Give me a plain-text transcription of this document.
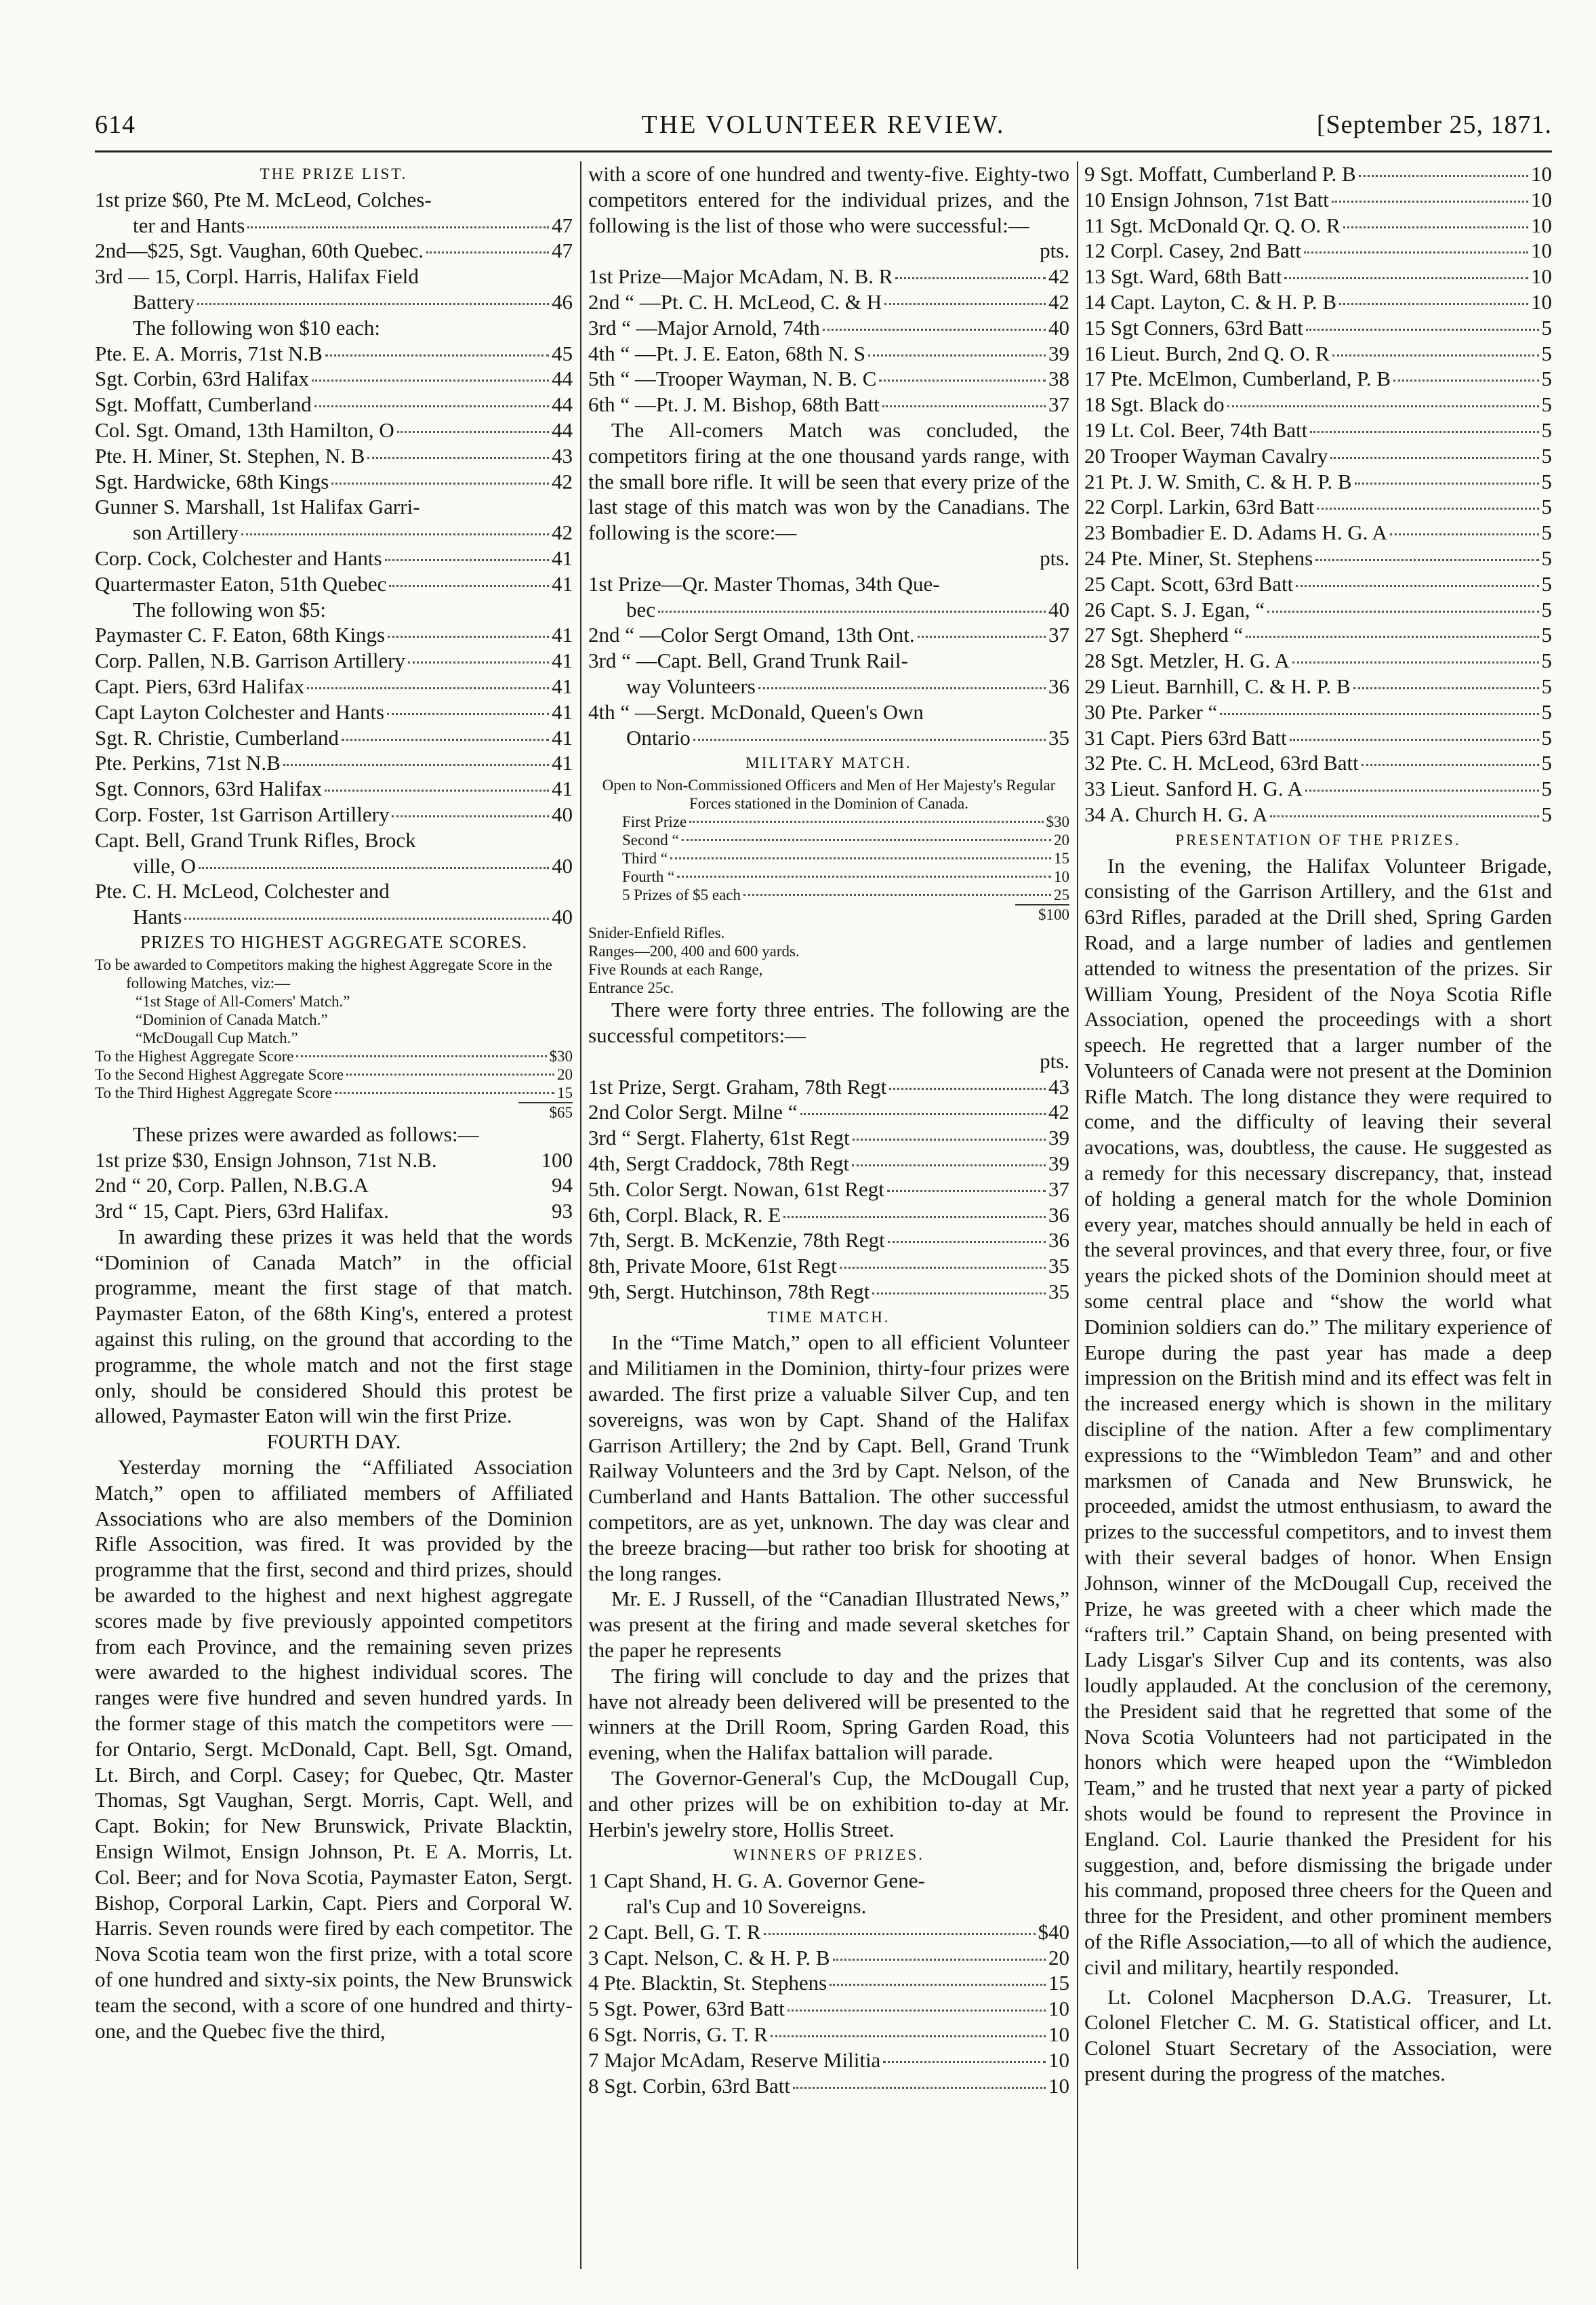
614	THE VOLUNTEER REVIEW.	[September 25, 1871.
THE PRIZE LIST.
1st prize $60, Pte M. McLeod, Colches-
ter and Hants	47
2nd—$25, Sgt. Vaughan, 60th Quebec.	47
3rd — 15, Corpl. Harris, Halifax Field
Battery	46
The following won $10 each:
Pte. E. A. Morris, 71st N.B	45
Sgt. Corbin, 63rd Halifax	44
Sgt. Moffatt, Cumberland	44
Col. Sgt. Omand, 13th Hamilton, O	44
Pte. H. Miner, St. Stephen, N. B	43
Sgt. Hardwicke, 68th Kings	42
Gunner S. Marshall, 1st Halifax Garri-
son Artillery	42
Corp. Cock, Colchester and Hants	41
Quartermaster Eaton, 51th Quebec	41
The following won $5:
Paymaster C. F. Eaton, 68th Kings	41
Corp. Pallen, N.B. Garrison Artillery	41
Capt. Piers, 63rd Halifax	41
Capt Layton Colchester and Hants	41
Sgt. R. Christie, Cumberland	41
Pte. Perkins, 71st N.B	41
Sgt. Connors, 63rd Halifax	41
Corp. Foster, 1st Garrison Artillery	40
Capt. Bell, Grand Trunk Rifles, Brock
ville, O	40
Pte. C. H. McLeod, Colchester and
Hants	40
PRIZES TO HIGHEST AGGREGATE SCORES.
To be awarded to Competitors making the highest Aggregate Score in the following Matches, viz:—
“1st Stage of All-Comers' Match.”
“Dominion of Canada Match.”
“McDougall Cup Match.”
To the Highest Aggregate Score	$30
To the Second Highest Aggregate Score	20
To the Third Highest Aggregate Score	15
$65
These prizes were awarded as follows:—
1st prize $30, Ensign Johnson, 71st N.B.	100
2nd “ 20, Corp. Pallen, N.B.G.A	94
3rd “ 15, Capt. Piers, 63rd Halifax.	93

In awarding these prizes it was held that the words “Dominion of Canada Match” in the official programme, meant the first stage of that match. Paymaster Eaton, of the 68th King's, entered a protest against this ruling, on the ground that according to the programme, the whole match and not the first stage only, should be considered Should this protest be allowed, Paymaster Eaton will win the first Prize.

FOURTH DAY.

Yesterday morning the “Affiliated Association Match,” open to affiliated members of Affiliated Associations who are also members of the Dominion Rifle Assocition, was fired. It was provided by the programme that the first, second and third prizes, should be awarded to the highest and next highest aggregate scores made by five previously appointed competitors from each Province, and the remaining seven prizes were awarded to the highest individual scores. The ranges were five hundred and seven hundred yards. In the former stage of this match the competitors were —for Ontario, Sergt. McDonald, Capt. Bell, Sgt. Omand, Lt. Birch, and Corpl. Casey; for Quebec, Qtr. Master Thomas, Sgt Vaughan, Sergt. Morris, Capt. Well, and Capt. Bokin; for New Brunswick, Private Blacktin, Ensign Wilmot, Ensign Johnson, Pt. E A. Morris, Lt. Col. Beer; and for Nova Scotia, Paymaster Eaton, Sergt. Bishop, Corporal Larkin, Capt. Piers and Corporal W. Harris. Seven rounds were fired by each competitor. The Nova Scotia team won the first prize, with a total score of one hundred and sixty-six points, the New Brunswick team the second, with a score of one hundred and thirty-one, and the Quebec five the third,

with a score of one hundred and twenty-five. Eighty-two competitors entered for the individual prizes, and the following is the list of those who were successful:—

pts.
1st Prize—Major McAdam, N. B. R	42
2nd “ —Pt. C. H. McLeod, C. & H	42
3rd “ —Major Arnold, 74th	40
4th “ —Pt. J. E. Eaton, 68th N. S	39
5th “ —Trooper Wayman, N. B. C	38
6th “ —Pt. J. M. Bishop, 68th Batt	37

The All-comers Match was concluded, the competitors firing at the one thousand yards range, with the small bore rifle. It will be seen that every prize of the last stage of this match was won by the Canadians. The following is the score:—

pts.
1st Prize—Qr. Master Thomas, 34th Que-
bec	40
2nd “ —Color Sergt Omand, 13th Ont.	37
3rd “ —Capt. Bell, Grand Trunk Rail-
way Volunteers	36
4th “ —Sergt. McDonald, Queen's Own
Ontario	35
MILITARY MATCH.
Open to Non-Commissioned Officers and Men of Her Majesty's Regular Forces stationed in the Dominion of Canada.
First Prize	$30
Second “	20
Third “	15
Fourth “	10
5 Prizes of $5 each	25
$100
Snider-Enfield Rifles.
Ranges—200, 400 and 600 yards.
Five Rounds at each Range,
Entrance 25c.

There were forty three entries. The following are the successful competitors:—

pts.
1st Prize, Sergt. Graham, 78th Regt	43
2nd Color Sergt. Milne “	42
3rd “ Sergt. Flaherty, 61st Regt	39
4th, Sergt Craddock, 78th Regt	39
5th. Color Sergt. Nowan, 61st Regt	37
6th, Corpl. Black, R. E	36
7th, Sergt. B. McKenzie, 78th Regt	36
8th, Private Moore, 61st Regt	35
9th, Sergt. Hutchinson, 78th Regt	35
TIME MATCH.

In the “Time Match,” open to all efficient Volunteer and Militiamen in the Dominion, thirty-four prizes were awarded. The first prize a valuable Silver Cup, and ten sovereigns, was won by Capt. Shand of the Halifax Garrison Artillery; the 2nd by Capt. Bell, Grand Trunk Railway Volunteers and the 3rd by Capt. Nelson, of the Cumberland and Hants Battalion. The other successful competitors, are as yet, unknown. The day was clear and the breeze bracing—but rather too brisk for shooting at the long ranges.

Mr. E. J Russell, of the “Canadian Illustrated News,” was present at the firing and made several sketches for the paper he represents

The firing will conclude to day and the prizes that have not already been delivered will be presented to the winners at the Drill Room, Spring Garden Road, this evening, when the Halifax battalion will parade.

The Governor-General's Cup, the McDougall Cup, and other prizes will be on exhibition to-day at Mr. Herbin's jewelry store, Hollis Street.

WINNERS OF PRIZES.
1 Capt Shand, H. G. A. Governor Gene-
ral's Cup and 10 Sovereigns.
2 Capt. Bell, G. T. R	$40
3 Capt. Nelson, C. & H. P. B	20
4 Pte. Blacktin, St. Stephens	15
5 Sgt. Power, 63rd Batt	10
6 Sgt. Norris, G. T. R	10
7 Major McAdam, Reserve Militia	10
8 Sgt. Corbin, 63rd Batt	10
9 Sgt. Moffatt, Cumberland P. B	10
10 Ensign Johnson, 71st Batt	10
11 Sgt. McDonald Qr. Q. O. R	10
12 Corpl. Casey, 2nd Batt	10
13 Sgt. Ward, 68th Batt	10
14 Capt. Layton, C. & H. P. B	10
15 Sgt Conners, 63rd Batt	5
16 Lieut. Burch, 2nd Q. O. R	5
17 Pte. McElmon, Cumberland, P. B	5
18 Sgt. Black do	5
19 Lt. Col. Beer, 74th Batt	5
20 Trooper Wayman Cavalry	5
21 Pt. J. W. Smith, C. & H. P. B	5
22 Corpl. Larkin, 63rd Batt	5
23 Bombadier E. D. Adams H. G. A	5
24 Pte. Miner, St. Stephens	5
25 Capt. Scott, 63rd Batt	5
26 Capt. S. J. Egan, “	5
27 Sgt. Shepherd “	5
28 Sgt. Metzler, H. G. A	5
29 Lieut. Barnhill, C. & H. P. B	5
30 Pte. Parker “	5
31 Capt. Piers 63rd Batt	5
32 Pte. C. H. McLeod, 63rd Batt	5
33 Lieut. Sanford H. G. A	5
34 A. Church H. G. A	5
PRESENTATION OF THE PRIZES.

In the evening, the Halifax Volunteer Brigade, consisting of the Garrison Artillery, and the 61st and 63rd Rifles, paraded at the Drill shed, Spring Garden Road, and a large number of ladies and gentlemen attended to witness the presentation of the prizes. Sir William Young, President of the Noya Scotia Rifle Association, opened the proceedings with a short speech. He regretted that a larger number of the Volunteers of Canada were not present at the Dominion Rifle Match. The long distance they were required to come, and the difficulty of leaving their several avocations, was, doubtless, the cause. He suggested as a remedy for this necessary discrepancy, that, instead of holding a general match for the whole Dominion every year, matches should annually be held in each of the several provinces, and that every three, four, or five years the picked shots of the Dominion should meet at some central place and “show the world what Dominion soldiers can do.” The military experience of Europe during the past year has made a deep impression on the British mind and its effect was felt in the increased energy which is shown in the military discipline of the nation. After a few complimentary expressions to the “Wimbledon Team” and and other marksmen of Canada and New Brunswick, he proceeded, amidst the utmost enthusiasm, to award the prizes to the successful competitors, and to invest them with their several badges of honor. When Ensign Johnson, winner of the McDougall Cup, received the Prize, he was greeted with a cheer which made the “rafters tril.” Captain Shand, on being presented with Lady Lisgar's Silver Cup and its contents, was also loudly applauded. At the conclusion of the ceremony, the President said that he regretted that some of the Nova Scotia Volunteers had not participated in the honors which were heaped upon the “Wimbledon Team,” and he trusted that next year a party of picked shots would be found to represent the Province in England. Col. Laurie thanked the President for his suggestion, and, before dismissing the brigade under his command, proposed three cheers for the Queen and three for the President, and other prominent members of the Rifle Association,—to all of which the audience, civil and military, heartily responded.

Lt. Colonel Macpherson D.A.G. Treasurer, Lt. Colonel Fletcher C. M. G. Statistical officer, and Lt. Colonel Stuart Secretary of the Association, were present during the progress of the matches.
